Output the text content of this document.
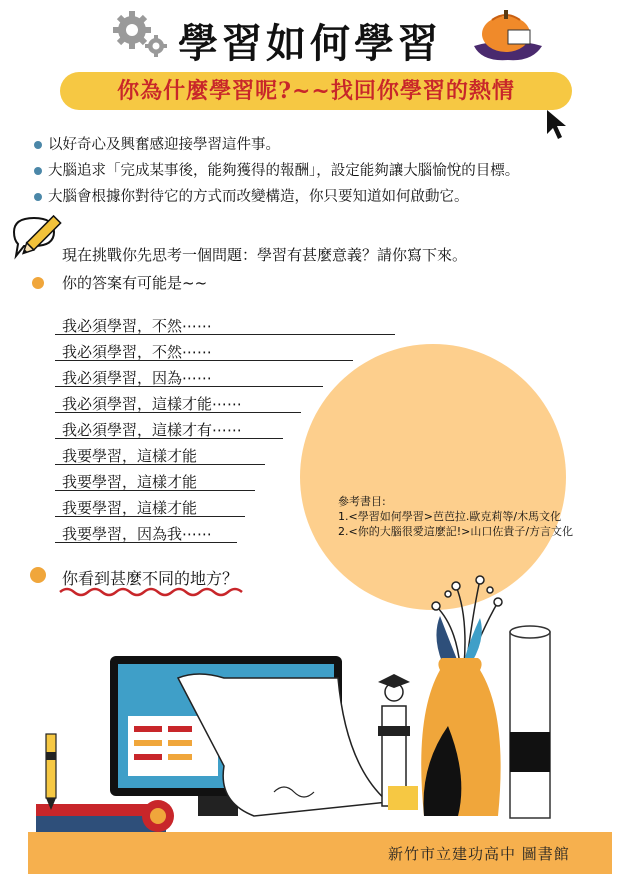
學習如何學習
你為什麼學習呢?~~找回你學習的熱情
以好奇心及興奮感迎接學習這件事。
大腦追求「完成某事後，能夠獲得的報酬」，設定能夠讓大腦愉悅的目標。
大腦會根據你對待它的方式而改變構造，你只要知道如何啟動它。
現在挑戰你先思考一個問題：學習有甚麼意義？請你寫下來。
你的答案有可能是~~
我必須學習，不然⋯⋯
我必須學習，不然⋯⋯
我必須學習，因為⋯⋯
我必須學習，這樣才能⋯⋯
我必須學習，這樣才有⋯⋯
我要學習，這樣才能
我要學習，這樣才能
我要學習，這樣才能
我要學習，因為我⋯⋯
參考書目:
1.<學習如何學習>芭芭拉.歐克莉等/木馬文化
2.<你的大腦很愛這麼記!>山口佐貴子/方言文化
你看到甚麼不同的地方？
新竹市立建功高中 圖書館
